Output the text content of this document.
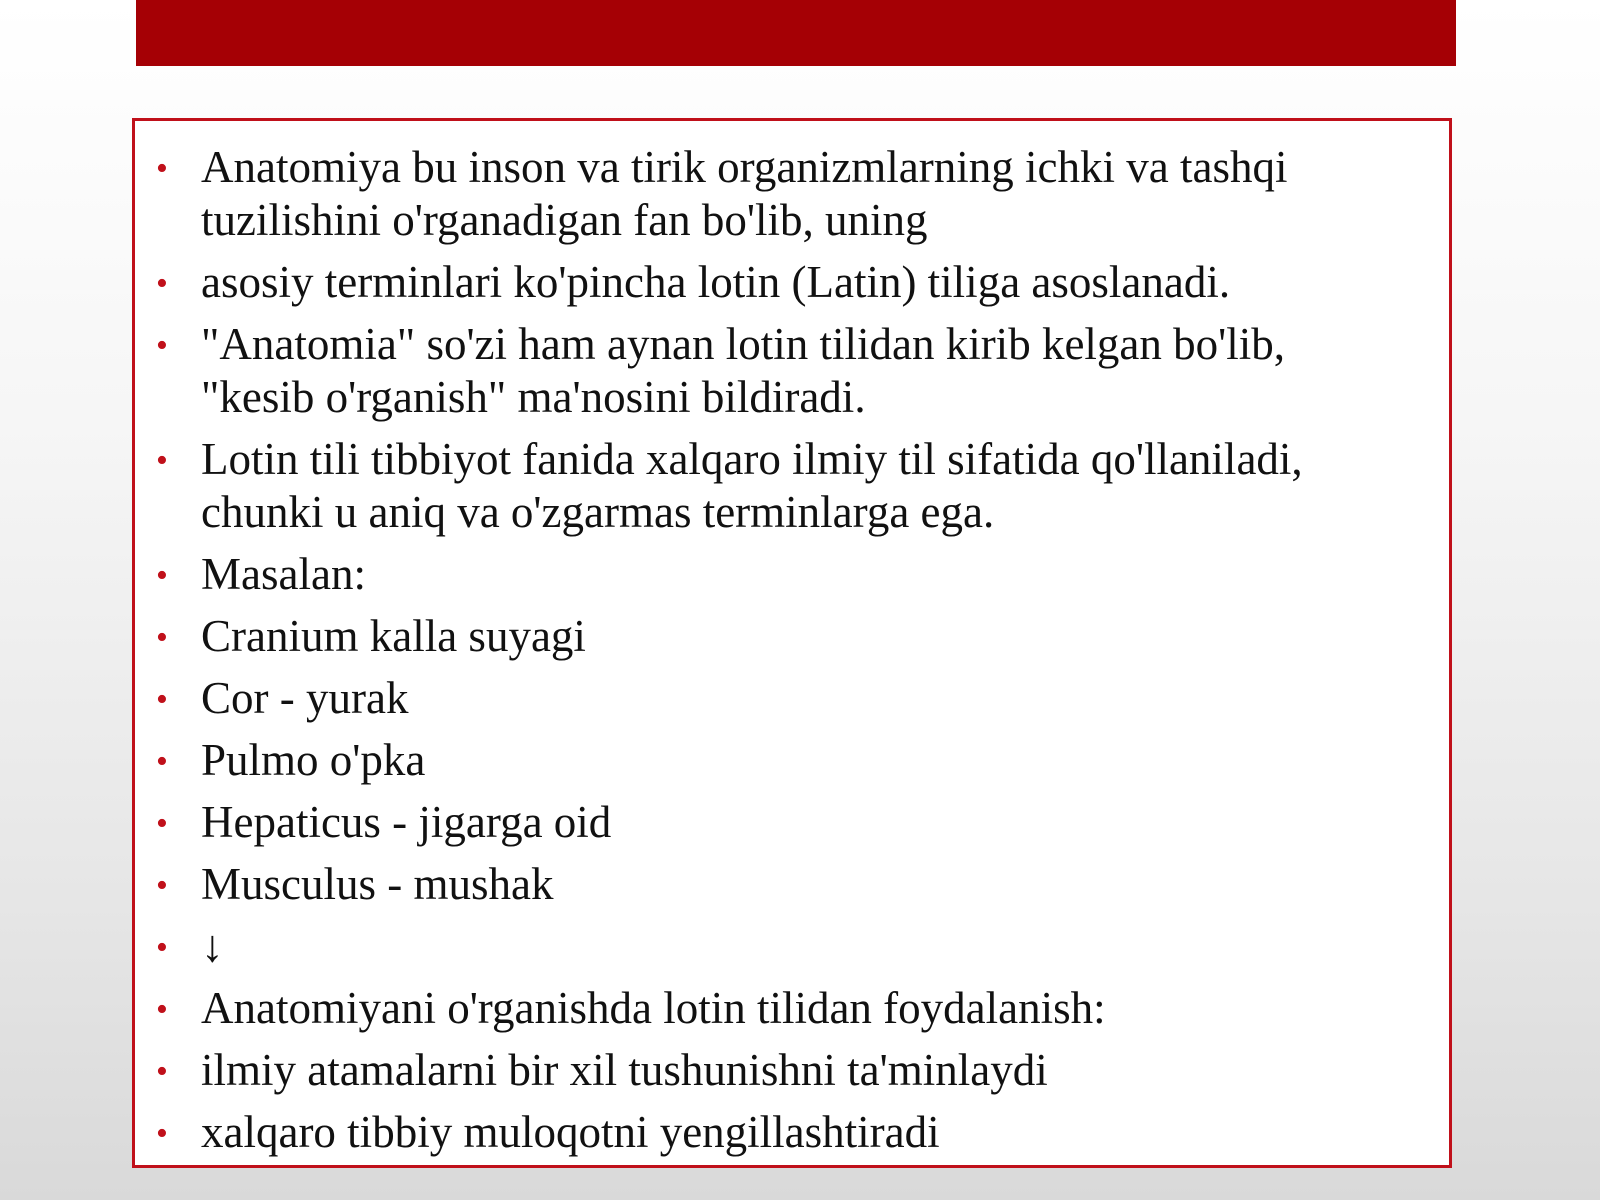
• Anatomiya bu inson va tirik organizmlarning ichki va tashqi tuzilishini o'rganadigan fan bo'lib, uning
• asosiy terminlari ko'pincha lotin (Latin) tiliga asoslanadi.
• "Anatomia" so'zi ham aynan lotin tilidan kirib kelgan bo'lib, "kesib o'rganish" ma'nosini bildiradi.
• Lotin tili tibbiyot fanida xalqaro ilmiy til sifatida qo'llaniladi, chunki u aniq va o'zgarmas terminlarga ega.
• Masalan:
• Cranium kalla suyagi
• Cor - yurak
• Pulmo o'pka
• Hepaticus - jigarga oid
• Musculus - mushak
• ↓
• Anatomiyani o'rganishda lotin tilidan foydalanish:
• ilmiy atamalarni bir xil tushunishni ta'minlaydi
• xalqaro tibbiy muloqotni yengillashtiradi
